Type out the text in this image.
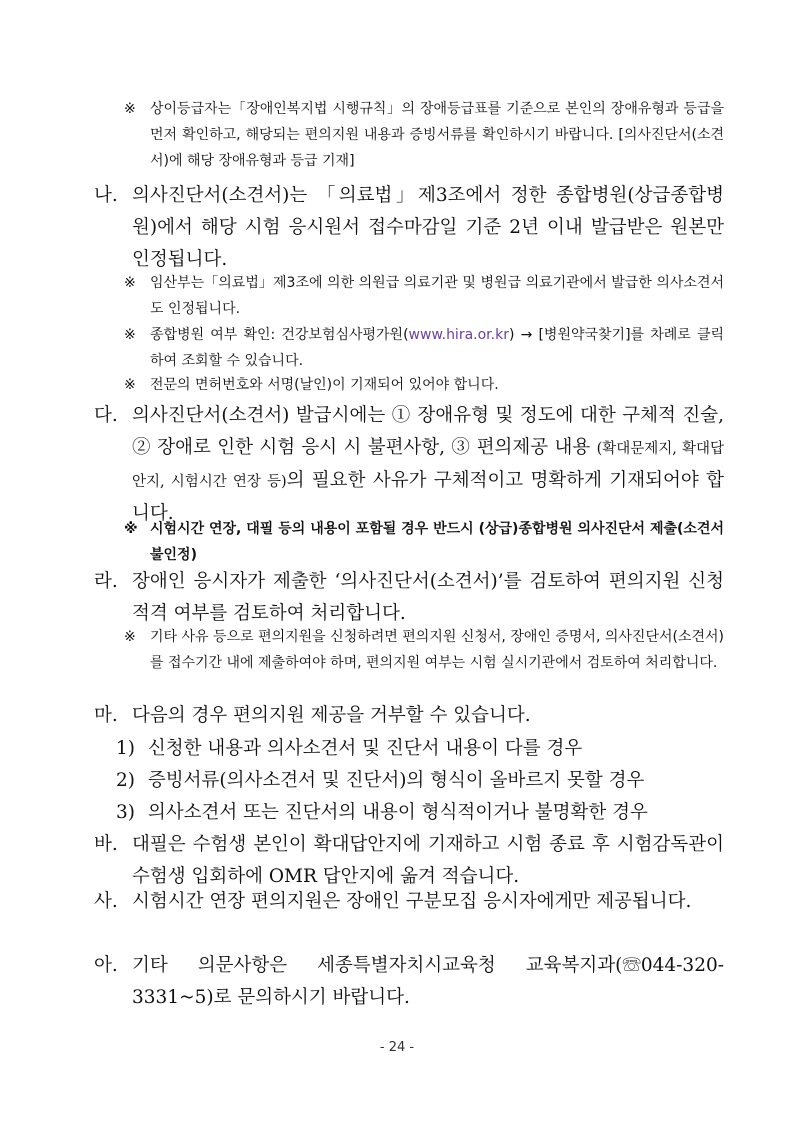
※	상이등급자는「장애인복지법 시행규칙」의 장애등급표를 기준으로 본인의 장애유형과 등급을 먼저 확인하고, 해당되는 편의지원 내용과 증빙서류를 확인하시기 바랍니다. [의사진단서(소견서)에 해당 장애유형과 등급 기재]
나. 의사진단서(소견서)는 「의료법」제3조에서 정한 종합병원(상급종합병원)에서 해당 시험 응시원서 접수마감일 기준 2년 이내 발급받은 원본만 인정됩니다.
※	임산부는「의료법」제3조에 의한 의원급 의료기관 및 병원급 의료기관에서 발급한 의사소견서도 인정됩니다.
※	종합병원 여부 확인: 건강보험심사평가원(www.hira.or.kr) → [병원약국찾기]를 차례로 클릭하여 조회할 수 있습니다.
※	전문의 면허번호와 서명(날인)이 기재되어 있어야 합니다.
다. 의사진단서(소견서) 발급시에는 ① 장애유형 및 정도에 대한 구체적 진술, ② 장애로 인한 시험 응시 시 불편사항, ③ 편의제공 내용 (확대문제지, 확대답안지, 시험시간 연장 등)의 필요한 사유가 구체적이고 명확하게 기재되어야 합니다.
※ 시험시간 연장, 대필 등의 내용이 포함될 경우 반드시 (상급)종합병원 의사진단서 제출(소견서 불인정)
라. 장애인 응시자가 제출한 ‘의사진단서(소견서)’를 검토하여 편의지원 신청 적격 여부를 검토하여 처리합니다.
※	기타 사유 등으로 편의지원을 신청하려면 편의지원 신청서, 장애인 증명서, 의사진단서(소견서)를 접수기간 내에 제출하여야 하며, 편의지원 여부는 시험 실시기관에서 검토하여 처리합니다.
마. 다음의 경우 편의지원 제공을 거부할 수 있습니다.
1) 신청한 내용과 의사소견서 및 진단서 내용이 다를 경우
2) 증빙서류(의사소견서 및 진단서)의 형식이 올바르지 못할 경우
3) 의사소견서 또는 진단서의 내용이 형식적이거나 불명확한 경우
바. 대필은 수험생 본인이 확대답안지에 기재하고 시험 종료 후 시험감독관이 수험생 입회하에 OMR 답안지에 옮겨 적습니다.
사. 시험시간 연장 편의지원은 장애인 구분모집 응시자에게만 제공됩니다.
아. 기타 의문사항은 세종특별자치시교육청 교육복지과(☏044-320-3331~5)로 문의하시기 바랍니다.
- 24 -
